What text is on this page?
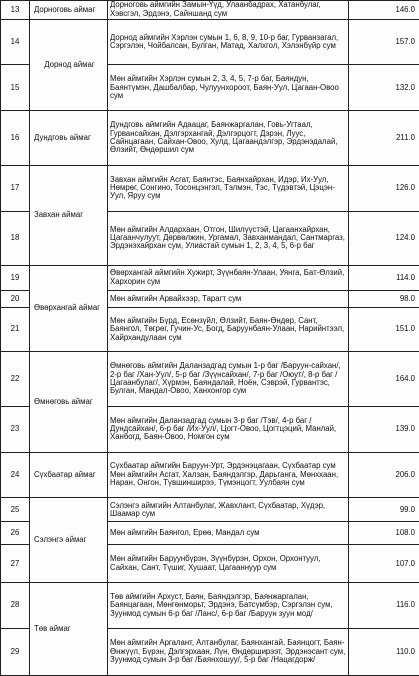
13	Дорноговь аймаг	Дорноговь аймгийн Замын-Үүд, Улаанбадрах, Хатанбулаг, Хэвсгэл, Эрдэнэ, Сайншанд сум	146.0
14	Дорнод аймаг	Дорнод аймгийн Хэрлэн сумын 1, 6, 8, 9, 10-р баг, Гурванзагал, Сэргэлэн, Чойбалсан, Булган, Матад, Халхгол, Хэлэнбүйр сум	157.0
15		Мөн аймгийн Хэрлэн сумын 2, 3, 4, 5, 7-р баг, Баяндун, Баянтүмэн, Дашбалбар, Чулуунхороот, Баян-Уул, Цагаан-Овоо сум	132.0
16	Дундговь аймаг	Дундговь аймгийн Адаацаг, Баянжаргалан, Говь-Угтаал, Гурвансайхан, Дэлгэрхангай, Дэлгэрцогт, Дэрэн, Луус, Сайнцагаан, Сайхан-Овоо, Хулд, Цагаандэлгэр, Эрдэнэдалай, Өлзийт, Өндөршил сум	211.0
17	Завхан аймаг	Завхан аймгийн Асгат, Баянтэс, Баянхайрхан, Идэр, Их-Уул, Нөмрөг, Сонгино, Тосонцэнгэл, Тэлмэн, Тэс, Түдэвтэй, Цэцэн-Уул, Яруу сум	126.0
18		Мөн аймгийн Алдархаан, Отгон, Шилүүстэй, Цагаанхайрхан, Цагаанчулуут, Дөрвөлжин, Ургамал, Завханмандал, Сантмаргаз, Эрдэнэхайрхан сум, Улиастай сумын 1, 2, 3, 4, 5, 6-р баг	124.0
19	Өвөрхангай аймаг	Өвөрхангай аймгийн Хужирт, Зүүнбаян-Улаан, Уянга, Бат-Өлзий, Хархорин сум	114.0
20		Мөн аймгийн Арвайхээр, Тарагт сум	98.0
21		Мөн аймгийн Бүрд, Есөнзүйл, Өлзийт, Баян-Өндөр, Сант, Баянгол, Төгрөг, Гучин-Ус, Богд, Баруунбаян-Улаан, Нарийнтээл, Хайрхандулаан сум	151.0
22	Өмнөговь аймаг	Өмнөговь аймгийн Даланзадгад сумын 1-р баг /Баруун-сайхан/, 2-р баг /Хан-Уул/, 5-р баг /Зүүнсайхан/, 7-р баг /Оюут/, 8-р баг /Цагаанбулаг/, Хүрмэн, Баяндалай, Ноён, Сэврэй, Гурвантэс, Булган, Мандал-Овоо, Ханхонгор сум	164.0
23		Мөн аймгийн Даланзадгад сумын 3-р баг /Тэв/, 4-р баг /Дундсайхан/, 6-р баг /Их-Уул/, Цогт-Овоо, Цогтцэций, Манлай, Ханбогд, Баян-Овоо, Номгон сум	139.0
24	Сүхбаатар аймаг	Сүхбаатар аймгийн Баруун-Урт, Эрдэнэцагаан, Сүхбаатар сум Мөн аймгийн Асгат, Халзан, Баяндэлгэр, Дарьганга, Мөнххаан, Наран, Онгон, Түвшинширээ, Түмэнцогт, Уулбаян сум	206.0
25	Сэлэнгэ аймаг	Сэлэнгэ аймгийн Алтанбулаг, Жавхлант, Сүхбаатар, Хүдэр, Шаамар сум	99.0
26		Мөн аймгийн Баянгол, Ерөө, Мандал сум	108.0
27		Мөн аймгийн Баруунбүрэн, Зүүнбүрэн, Орхон, Орхонтуул, Сайхан, Сант, Түшиг, Хушаат, Цагааннуур сум	107.0
28	Төв аймаг	Төв аймгийн Архуст, Баян, Баяндэлгэр, Баянжаргалан, Баянцагаан, Мөнгөнморьт, Эрдэнэ, Батсүмбэр, Сэргэлэн сум, Зуунмод сумын 6-р баг /Ланс/, 6-р баг /Баруун зуун мод/	116.0
29		Мөн аймгийн Аргалант, Алтанбулаг, Баянхангай, Баянцогт, Баян-Өнжүүл, Бүрэн, Дэлгэрхаан, Лүн, Өндөрширээт, Эрдэнэсант сум, Зуунмод сумын 3-р баг /Баянхошуу/, 5-р баг /Нацагдорж/	110.0
